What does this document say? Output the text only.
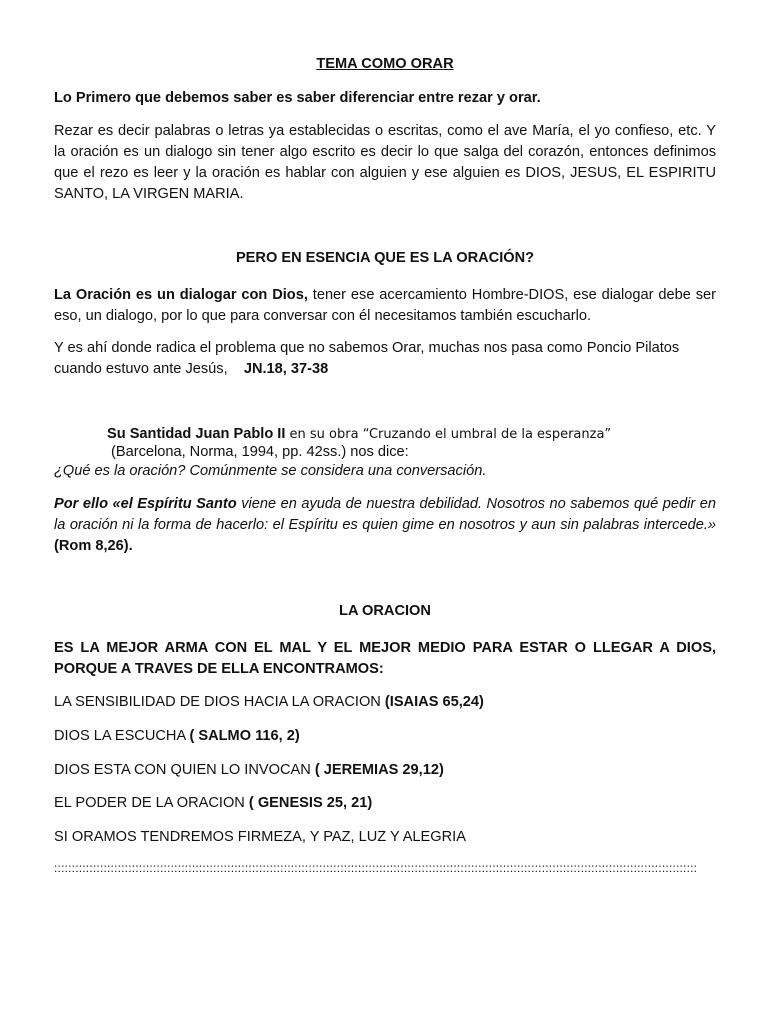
TEMA COMO ORAR

Lo Primero que debemos saber es saber diferenciar entre rezar y orar.

Rezar es decir palabras o letras ya establecidas o escritas, como el ave María, el yo confieso, etc. Y la oración es un dialogo sin tener algo escrito es decir lo que salga del corazón, entonces definimos que el rezo es leer y la oración es hablar con alguien y ese alguien es DIOS, JESUS, EL ESPIRITU SANTO, LA VIRGEN MARIA.

PERO EN ESENCIA QUE ES LA ORACIÓN?

La Oración es un dialogar con Dios, tener ese acercamiento Hombre-DIOS, ese dialogar debe ser eso, un dialogo, por lo que para conversar con él necesitamos también escucharlo.

Y es ahí donde radica el problema que no sabemos Orar, muchas nos pasa como Poncio Pilatos cuando estuvo ante Jesús, JN.18, 37-38

Su Santidad Juan Pablo II en su obra “Cruzando el umbral de la esperanza”

(Barcelona, Norma, 1994, pp. 42ss.) nos dice:

¿Qué es la oración? Comúnmente se considera una conversación.

Por ello «el Espíritu Santo viene en ayuda de nuestra debilidad. Nosotros no sabemos qué pedir en la oración ni la forma de hacerlo: el Espíritu es quien gime en nosotros y aun sin palabras intercede.» (Rom 8,26).

LA ORACION

ES LA MEJOR ARMA CON EL MAL Y EL MEJOR MEDIO PARA ESTAR O LLEGAR A DIOS, PORQUE A TRAVES DE ELLA ENCONTRAMOS:

LA SENSIBILIDAD DE DIOS HACIA LA ORACION (ISAIAS 65,24)

DIOS LA ESCUCHA ( SALMO 116, 2)

DIOS ESTA CON QUIEN LO INVOCAN ( JEREMIAS 29,12)

EL PODER DE LA ORACION ( GENESIS 25, 21)

SI ORAMOS TENDREMOS FIRMEZA, Y PAZ, LUZ Y ALEGRIA

::::::::::::::::::::::::::::::::::::::::::::::::::::::::::::::::::::::::::::::::::::::::::::::::::::::::::::::::::::::::::::::::::::::::::::::::::::::::::::::::::::::::::::::::::::::
